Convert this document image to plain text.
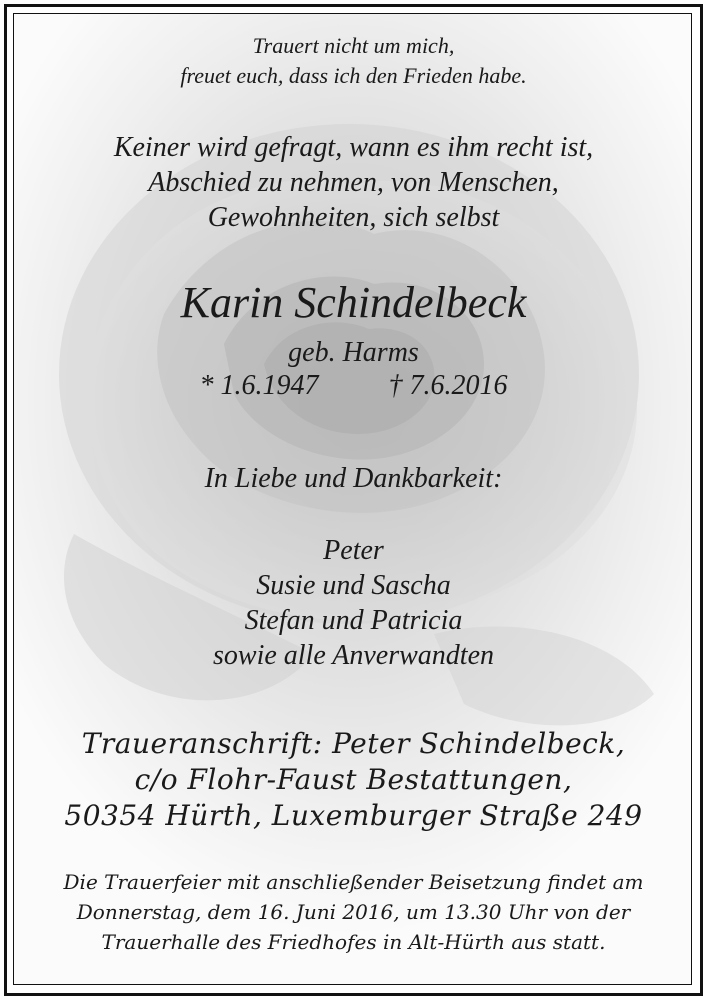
Trauert nicht um mich,
freuet euch, dass ich den Frieden habe.
Keiner wird gefragt, wann es ihm recht ist,
Abschied zu nehmen, von Menschen,
Gewohnheiten, sich selbst
Karin Schindelbeck
geb. Harms
* 1.6.1947	† 7.6.2016
In Liebe und Dankbarkeit:
Peter
Susie und Sascha
Stefan und Patricia
sowie alle Anverwandten
Traueranschrift: Peter Schindelbeck,
c/o Flohr-Faust Bestattungen,
50354 Hürth, Luxemburger Straße 249
Die Trauerfeier mit anschließender Beisetzung findet am
Donnerstag, dem 16. Juni 2016, um 13.30 Uhr von der
Trauerhalle des Friedhofes in Alt-Hürth aus statt.
